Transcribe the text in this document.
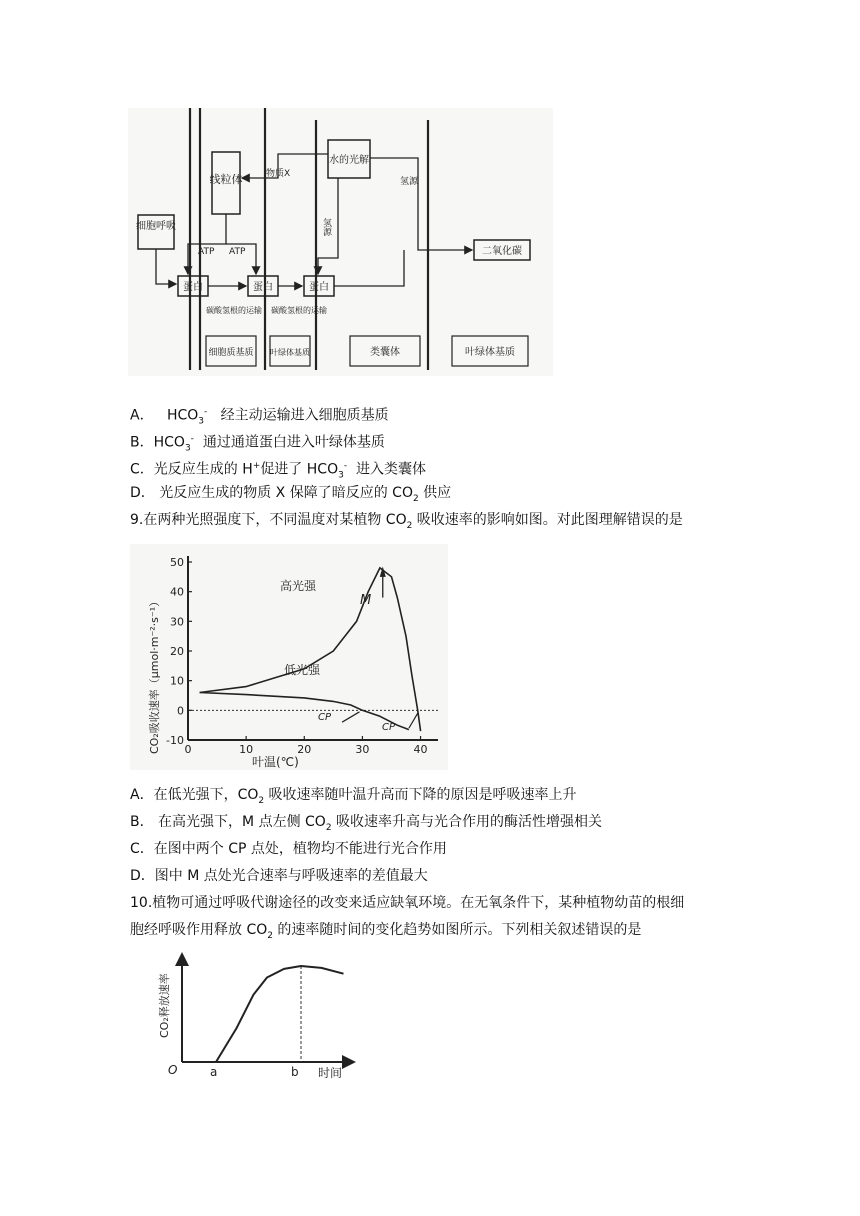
细胞呼吸
线粒体
水的光解
蛋白	蛋白	蛋白
二氧化碳
ATP ATP
物质X
氢源
氢源
碳酸氢根的运输 碳酸氢根的运输
细胞质基质 叶绿体基质	类囊体	叶绿体基质
A． $HCO_3^-$ 经主动运输进入细胞质基质
B．$HCO_3^-$ 通过通道蛋白进入叶绿体基质
C．光反应生成的 H+促进了 $HCO_3^-$ 进入类囊体
D． 光反应生成的物质 X 保障了暗反应的 $CO_2$ 供应
9.在两种光照强度下，不同温度对某植物 $CO_2$ 吸收速率的影响如图。对此图理解错误的是
0	10	20	30	40
-10
0
10
20
30
40
50
CO₂吸收速率（μmol·m⁻²·s⁻¹）
叶温(℃)
高光强
低光强
M
CP
CP
A．在低光强下，$CO_2$ 吸收速率随叶温升高而下降的原因是呼吸速率上升
B． 在高光强下，M 点左侧 $CO_2$ 吸收速率升高与光合作用的酶活性增强相关
C．在图中两个 CP 点处，植物均不能进行光合作用
D．图中 M 点处光合速率与呼吸速率的差值最大
10.植物可通过呼吸代谢途径的改变来适应缺氧环境。在无氧条件下，某种植物幼苗的根细
胞经呼吸作用释放 $CO_2$ 的速率随时间的变化趋势如图所示。下列相关叙述错误的是
CO₂释放速率
O	a	b 时间
